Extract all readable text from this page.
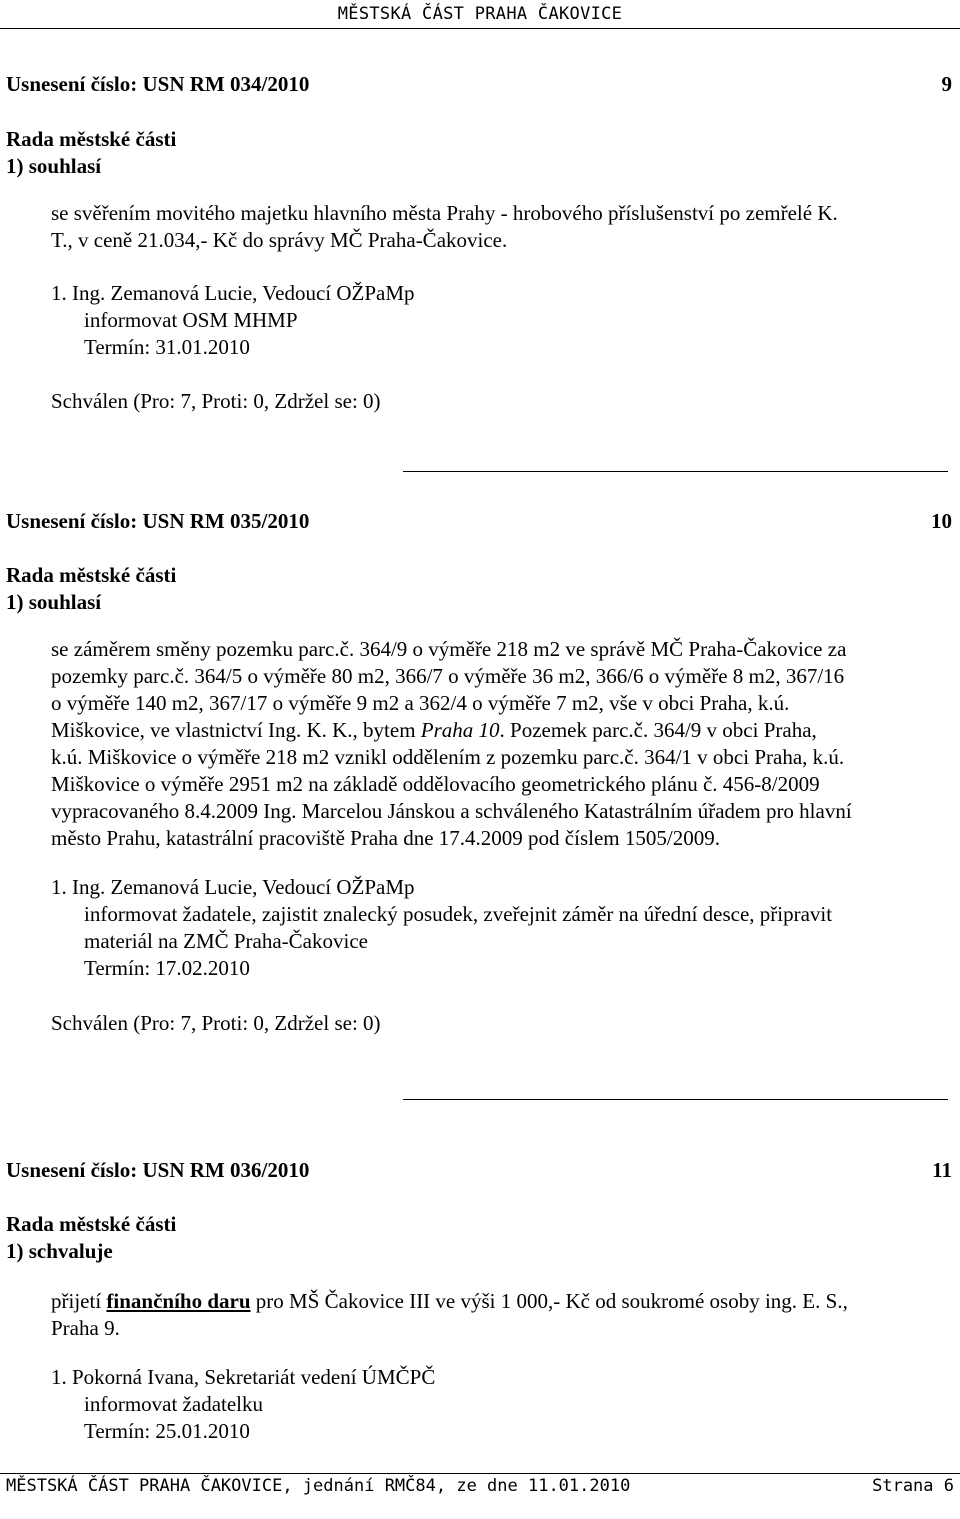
MĚSTSKÁ ČÁST PRAHA ČAKOVICE
Usnesení číslo: USN RM 034/2010	9
Rada městské části
1) souhlasí
se svěřením movitého majetku hlavního města Prahy - hrobového příslušenství po zemřelé K.
T., v ceně 21.034,- Kč do správy MČ Praha-Čakovice.
1. Ing. Zemanová Lucie, Vedoucí OŽPaMp
informovat OSM MHMP
Termín: 31.01.2010
Schválen (Pro: 7, Proti: 0, Zdržel se: 0)
Usnesení číslo: USN RM 035/2010	10
Rada městské části
1) souhlasí
se záměrem směny pozemku parc.č. 364/9 o výměře 218 m2 ve správě MČ Praha-Čakovice za
pozemky parc.č. 364/5 o výměře 80 m2, 366/7 o výměře 36 m2, 366/6 o výměře 8 m2, 367/16
o výměře 140 m2, 367/17 o výměře 9 m2 a 362/4 o výměře 7 m2, vše v obci Praha, k.ú.
Miškovice, ve vlastnictví Ing. K. K., bytem Praha 10. Pozemek parc.č. 364/9 v obci Praha,
k.ú. Miškovice o výměře 218 m2 vznikl oddělením z pozemku parc.č. 364/1 v obci Praha, k.ú.
Miškovice o výměře 2951 m2 na základě oddělovacího geometrického plánu č. 456-8/2009
vypracovaného 8.4.2009 Ing. Marcelou Jánskou a schváleného Katastrálním úřadem pro hlavní
město Prahu, katastrální pracoviště Praha dne 17.4.2009 pod číslem 1505/2009.
1. Ing. Zemanová Lucie, Vedoucí OŽPaMp
informovat žadatele, zajistit znalecký posudek, zveřejnit záměr na úřední desce, připravit
materiál na ZMČ Praha-Čakovice
Termín: 17.02.2010
Schválen (Pro: 7, Proti: 0, Zdržel se: 0)
Usnesení číslo: USN RM 036/2010	11
Rada městské části
1) schvaluje
přijetí finančního daru pro MŠ Čakovice III ve výši 1 000,- Kč od soukromé osoby ing. E. S.,
Praha 9.
1. Pokorná Ivana, Sekretariát vedení ÚMČPČ
informovat žadatelku
Termín: 25.01.2010
MĚSTSKÁ ČÁST PRAHA ČAKOVICE, jednání RMČ84, ze dne 11.01.2010	Strana 6
